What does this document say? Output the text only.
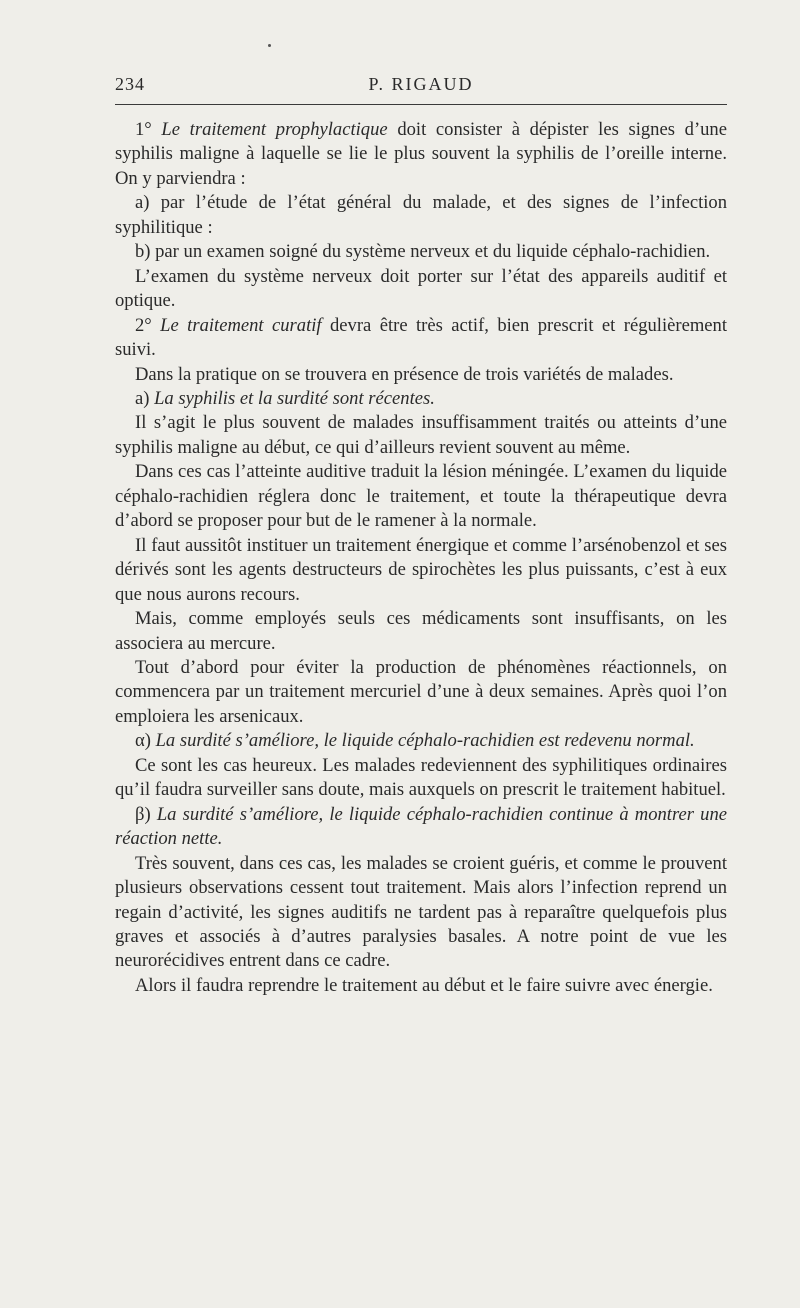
234	P. RIGAUD

1° Le traitement prophylactique doit consister à dépister les signes d’une syphilis maligne à laquelle se lie le plus souvent la syphilis de l’oreille interne. On y parviendra :

a) par l’étude de l’état général du malade, et des signes de l’infection syphilitique :

b) par un examen soigné du système nerveux et du liquide céphalo-rachidien.

L’examen du système nerveux doit porter sur l’état des appareils auditif et optique.

2° Le traitement curatif devra être très actif, bien prescrit et régulièrement suivi.

Dans la pratique on se trouvera en présence de trois variétés de malades.

a) La syphilis et la surdité sont récentes.

Il s’agit le plus souvent de malades insuffisamment traités ou atteints d’une syphilis maligne au début, ce qui d’ailleurs revient souvent au même.

Dans ces cas l’atteinte auditive traduit la lésion méningée. L’examen du liquide céphalo-rachidien réglera donc le traitement, et toute la thérapeutique devra d’abord se proposer pour but de le ramener à la normale.

Il faut aussitôt instituer un traitement énergique et comme l’arsénobenzol et ses dérivés sont les agents destructeurs de spirochètes les plus puissants, c’est à eux que nous aurons recours.

Mais, comme employés seuls ces médicaments sont insuffisants, on les associera au mercure.

Tout d’abord pour éviter la production de phénomènes réactionnels, on commencera par un traitement mercuriel d’une à deux semaines. Après quoi l’on emploiera les arsenicaux.

α) La surdité s’améliore, le liquide céphalo-rachidien est redevenu normal.

Ce sont les cas heureux. Les malades redeviennent des syphilitiques ordinaires qu’il faudra surveiller sans doute, mais auxquels on prescrit le traitement habituel.

β) La surdité s’améliore, le liquide céphalo-rachidien continue à montrer une réaction nette.

Très souvent, dans ces cas, les malades se croient guéris, et comme le prouvent plusieurs observations cessent tout traitement. Mais alors l’infection reprend un regain d’activité, les signes auditifs ne tardent pas à reparaître quelquefois plus graves et associés à d’autres paralysies basales. A notre point de vue les neurorécidives entrent dans ce cadre.

Alors il faudra reprendre le traitement au début et le faire suivre avec énergie.
